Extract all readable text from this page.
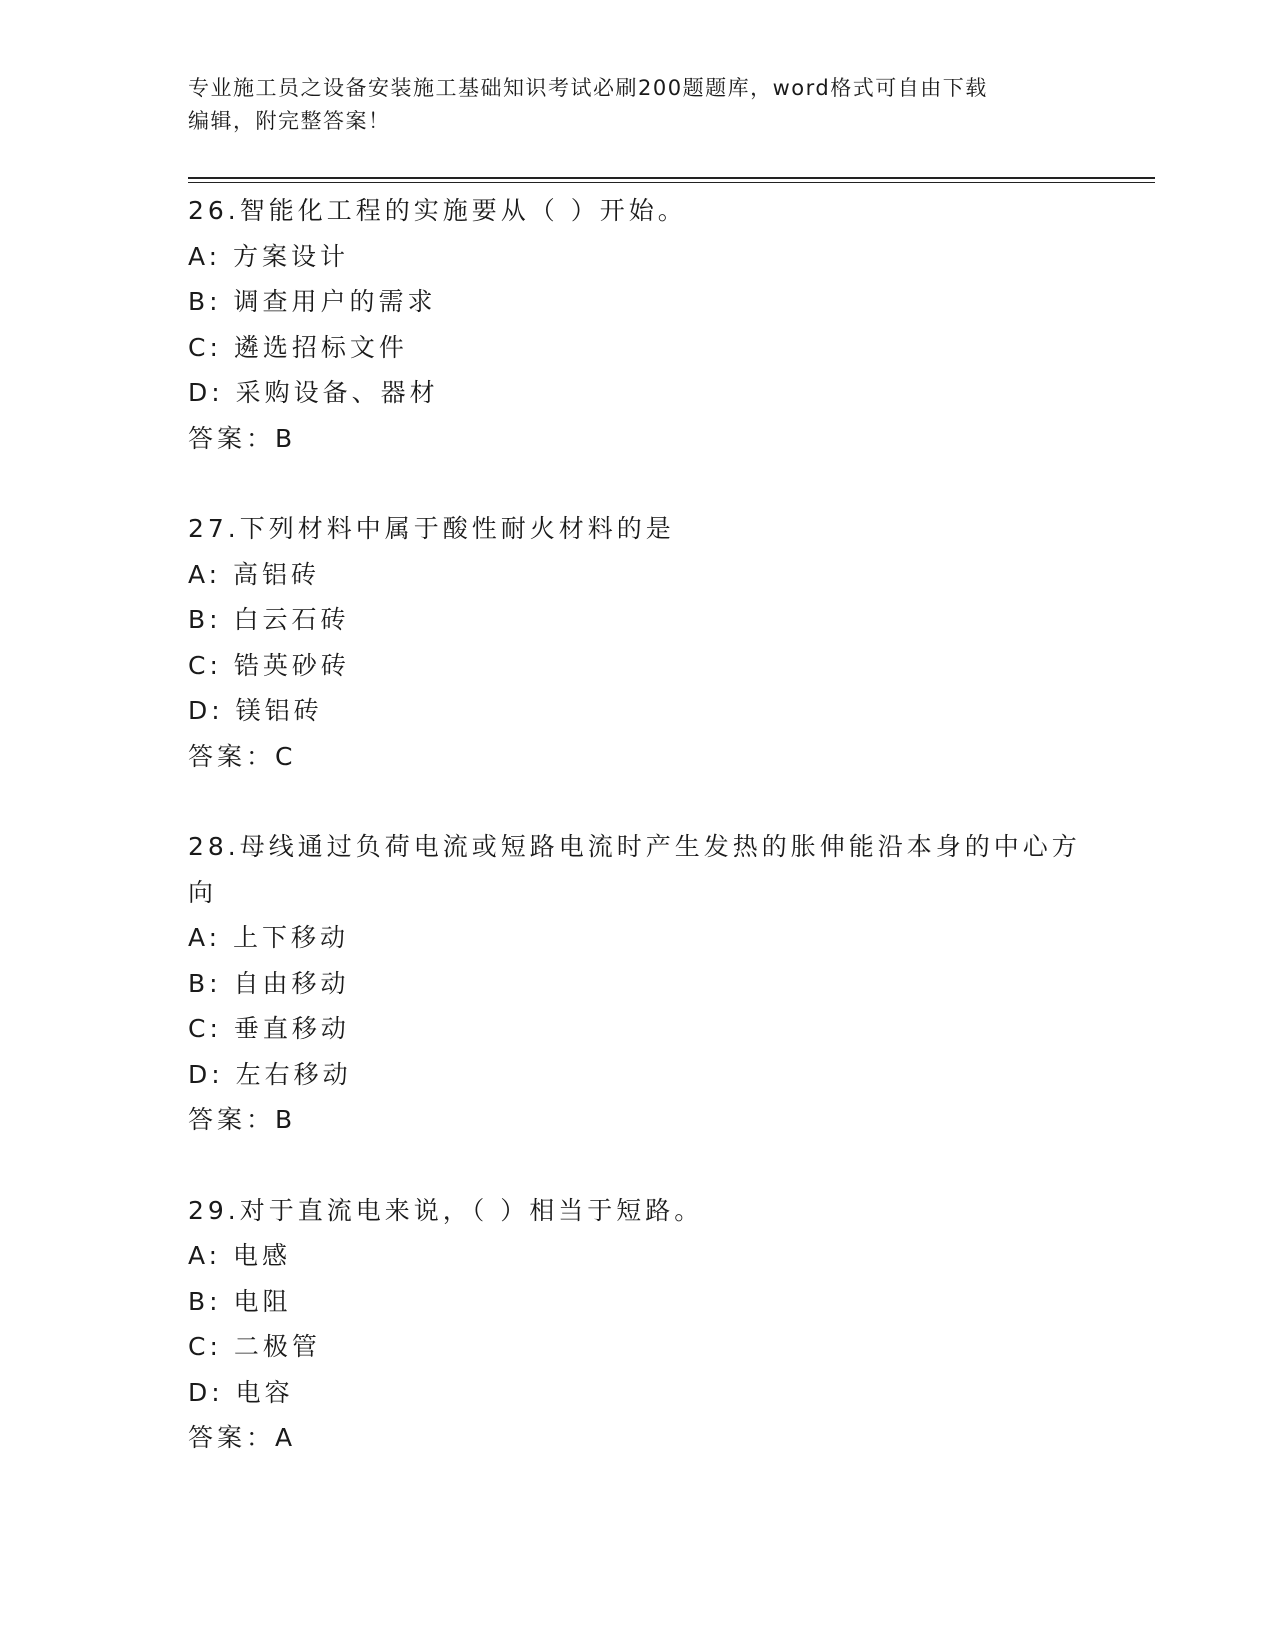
专业施工员之设备安装施工基础知识考试必刷200题题库，word格式可自由下载
编辑，附完整答案！
26.智能化工程的实施要从（ ）开始。
A: 方案设计
B: 调查用户的需求
C: 遴选招标文件
D: 采购设备、器材
答案：B
27.下列材料中属于酸性耐火材料的是
A: 高铝砖
B: 白云石砖
C: 锆英砂砖
D: 镁铝砖
答案：C
28.母线通过负荷电流或短路电流时产生发热的胀伸能沿本身的中心方向
A: 上下移动
B: 自由移动
C: 垂直移动
D: 左右移动
答案：B
29.对于直流电来说，（ ）相当于短路。
A: 电感
B: 电阻
C: 二极管
D: 电容
答案：A
